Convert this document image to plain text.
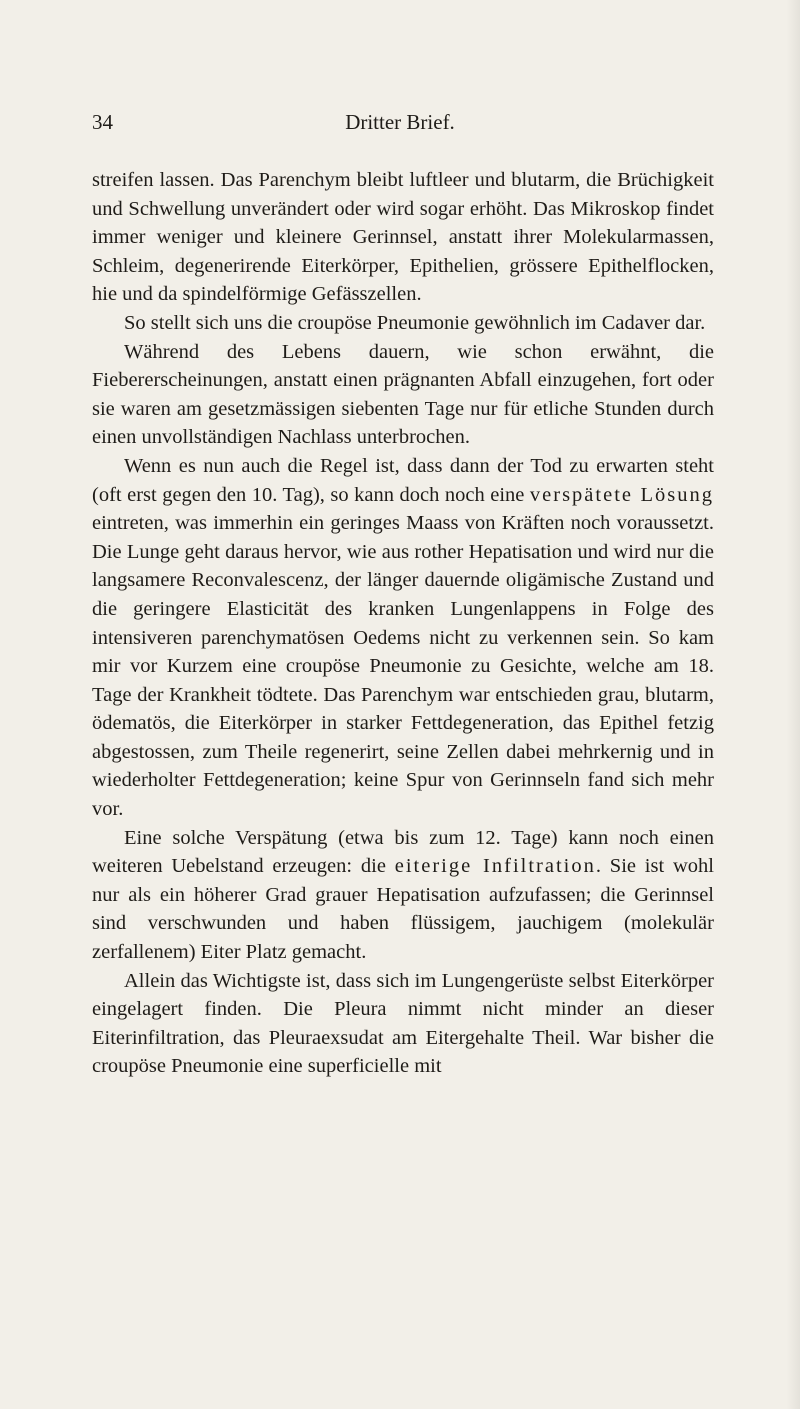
34	Dritter Brief.

streifen lassen. Das Parenchym bleibt luftleer und blutarm, die Brüchigkeit und Schwellung unverändert oder wird sogar erhöht. Das Mikroskop findet immer weniger und kleinere Gerinnsel, anstatt ihrer Molekularmassen, Schleim, degenerirende Eiterkörper, Epithelien, grössere Epithelflocken, hie und da spindelförmige Gefässzellen.

So stellt sich uns die croupöse Pneumonie gewöhnlich im Cadaver dar.

Während des Lebens dauern, wie schon erwähnt, die Fiebererscheinungen, anstatt einen prägnanten Abfall einzugehen, fort oder sie waren am gesetzmässigen siebenten Tage nur für etliche Stunden durch einen unvollständigen Nachlass unterbrochen.

Wenn es nun auch die Regel ist, dass dann der Tod zu erwarten steht (oft erst gegen den 10. Tag), so kann doch noch eine verspätete Lösung eintreten, was immerhin ein geringes Maass von Kräften noch voraussetzt. Die Lunge geht daraus hervor, wie aus rother Hepatisation und wird nur die langsamere Reconvalescenz, der länger dauernde oligämische Zustand und die geringere Elasticität des kranken Lungenlappens in Folge des intensiveren parenchymatösen Oedems nicht zu verkennen sein. So kam mir vor Kurzem eine croupöse Pneumonie zu Gesichte, welche am 18. Tage der Krankheit tödtete. Das Parenchym war entschieden grau, blutarm, ödematös, die Eiterkörper in starker Fettdegeneration, das Epithel fetzig abgestossen, zum Theile regenerirt, seine Zellen dabei mehrkernig und in wiederholter Fettdegeneration; keine Spur von Gerinnseln fand sich mehr vor.

Eine solche Verspätung (etwa bis zum 12. Tage) kann noch einen weiteren Uebelstand erzeugen: die eiterige Infiltration. Sie ist wohl nur als ein höherer Grad grauer Hepatisation aufzufassen; die Gerinnsel sind verschwunden und haben flüssigem, jauchigem (molekulär zerfallenem) Eiter Platz gemacht.

Allein das Wichtigste ist, dass sich im Lungengerüste selbst Eiterkörper eingelagert finden. Die Pleura nimmt nicht minder an dieser Eiterinfiltration, das Pleuraexsudat am Eitergehalte Theil. War bisher die croupöse Pneumonie eine superficielle mit
